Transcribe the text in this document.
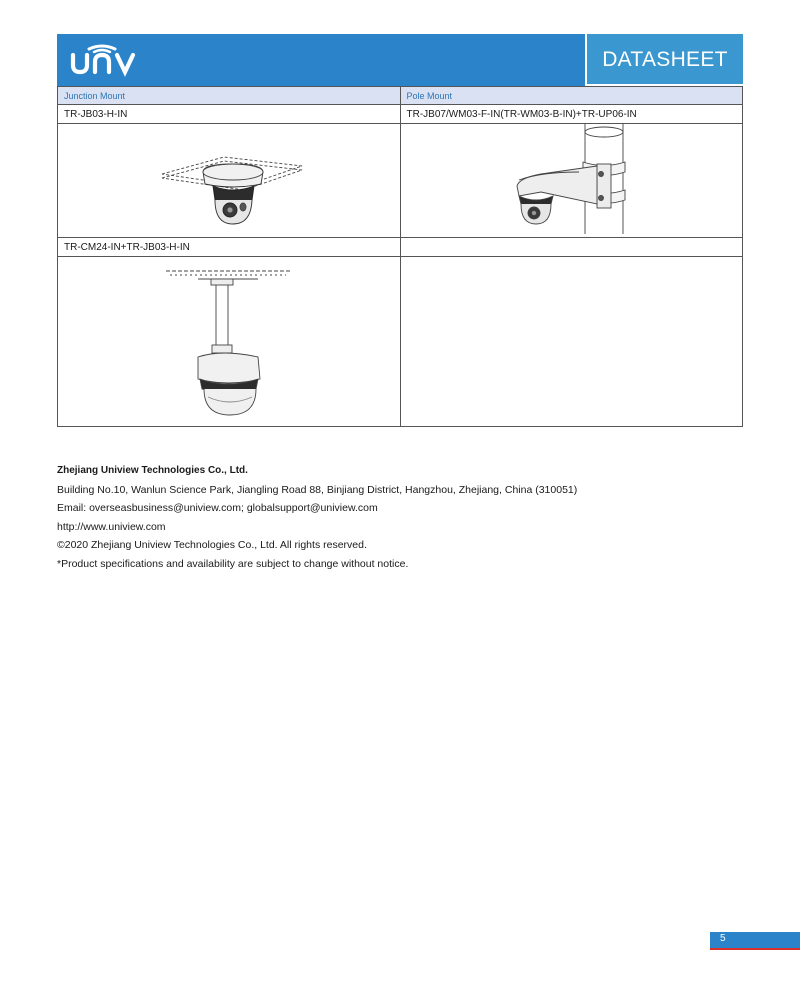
DATASHEET
Junction Mount	Pole Mount
TR-JB03-H-IN	TR-JB07/WM03-F-IN(TR-WM03-B-IN)+TR-UP06-IN

TR-CM24-IN+TR-JB03-H-IN	

Zhejiang Uniview Technologies Co., Ltd.
Building No.10, Wanlun Science Park, Jiangling Road 88, Binjiang District, Hangzhou, Zhejiang, China (310051)
Email: overseasbusiness@uniview.com; globalsupport@uniview.com
http://www.uniview.com
©2020 Zhejiang Uniview Technologies Co., Ltd. All rights reserved.
*Product specifications and availability are subject to change without notice.
5
